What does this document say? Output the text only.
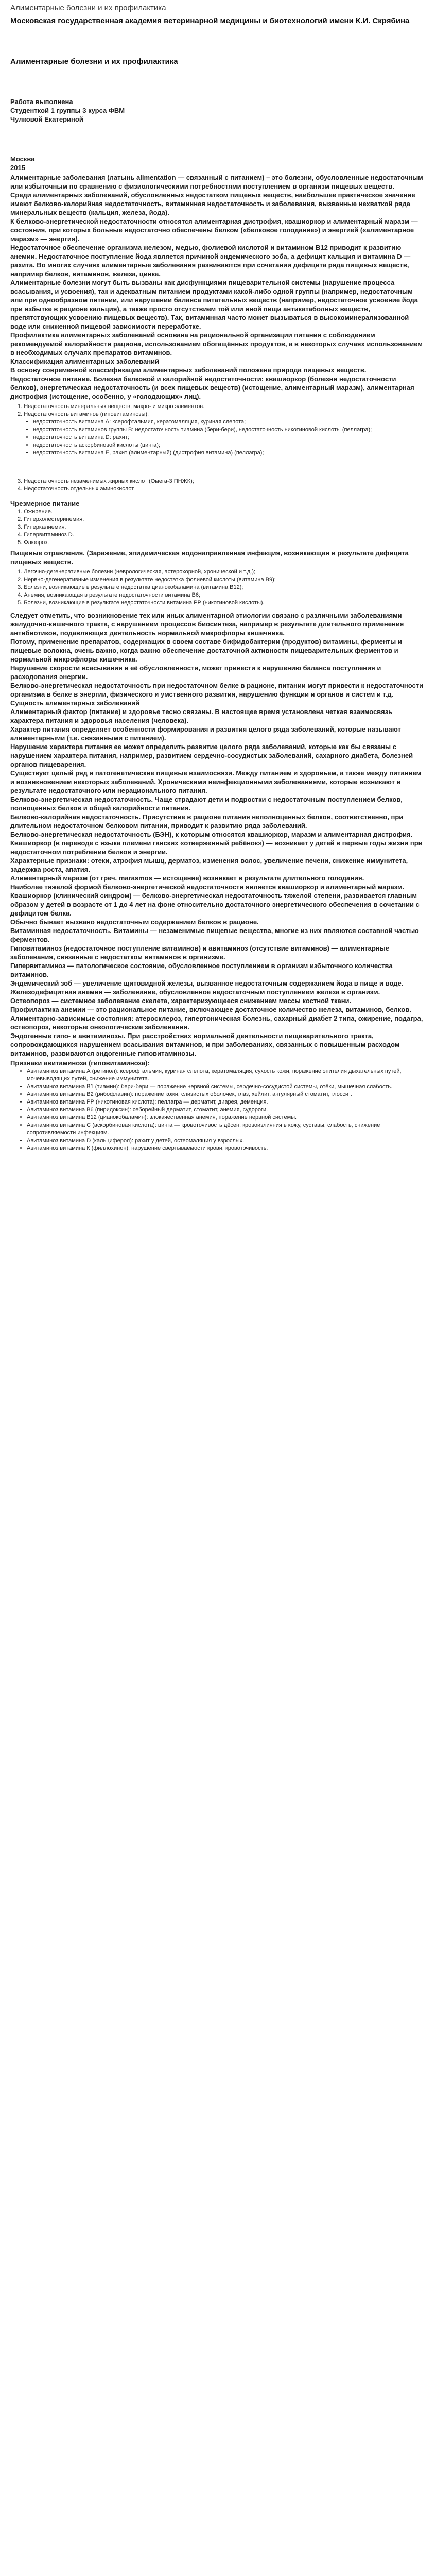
Алиментарные болезни и их профилактика

Московская государственная академия ветеринарной медицины и биотехнологий имени К.И. Скрябина

Алиментарные болезни и их профилактика

Работа выполнена

Студенткой 1 группы 3 курса ФВМ

Чулковой Екатериной

Москва

2015

Алиментарные заболевания (латынь alimentation — связанный с питанием) – это болезни, обусловленные недостаточным или избыточным по сравнению с физиологическими потребностями поступлением в организм пищевых веществ.

Среди алиментарных заболеваний, обусловленных недостатком пищевых веществ, наибольшее практическое значение имеют белково-калорийная недостаточность, витаминная недостаточность и заболевания, вызванные нехваткой ряда минеральных веществ (кальция, железа, йода).

К белково-энергетической недостаточности относятся алиментарная дистрофия, квашиоркор и алиментарный маразм — состояния, при которых больные недостаточно обеспечены белком («белковое голодание») и энергией («алиментарное маразм» — энергия).

Недостаточное обеспечение организма железом, медью, фолиевой кислотой и витамином B12 приводит к развитию анемии. Недостаточное поступление йода является причиной эндемического зоба, а дефицит кальция и витамина D — рахита. Во многих случаях алиментарные заболевания развиваются при сочетании дефицита ряда пищевых веществ, например белков, витаминов, железа, цинка.

Алиментарные болезни могут быть вызваны как дисфункциями пищеварительной системы (нарушение процесса всасывания, и усвоения), так и адекватным питанием продуктами какой-либо одной группы (например, недостаточным или при однообразном питании, или нарушении баланса питательных веществ (например, недостаточное усвоение йода при избытке в рационе кальция), а также просто отсутствием той или иной пищи антикатаболных веществ, препятствующих усвоению пищевых веществ). Так, витаминная часто может вызываться в высокоминерализованной воде или сниженной пищевой зависимости переработке.

Профилактика алиментарных заболеваний основана на рациональной организации питания с соблюдением рекомендуемой калорийности рациона, использованием обогащённых продуктов, а в некоторых случаях использованием в необходимых случаях препаратов витаминов.

Классификация алиментарных заболеваний

В основу современной классификации алиментарных заболеваний положена природа пищевых веществ.

Недостаточное питание. Болезни белковой и калорийной недостаточности: квашиоркор (болезни недостаточности белков), энергетическая недостаточность (и всех пищевых веществ) (истощение, алиментарный маразм), алиментарная дистрофия (истощение, особенно, у «голодающих» лиц).

1. Недостаточность минеральных веществ, макро- и микро элементов.

2. Недостаточность витаминов (гиповитаминозы):

• недостаточность витамина А: ксерофтальмия, кератомаляция, куриная слепота;
• недостаточность витаминов группы В: недостаточность тиамина (бери-бери), недостаточность никотиновой кислоты (пеллагра);
• недостаточность витамина D: рахит;
• недостаточность аскорбиновой кислоты (цинга);
• недостаточность витамина Е, рахит (алиментарный) (дистрофия витамина) (пеллагра);

3. Недостаточность незаменимых жирных кислот (Омега-3 ПНЖК);

4. Недостаточность отдельных аминокислот.

Чрезмерное питание

1. Ожирение.

2. Гиперхолестеринемия.

3. Гиперкалиемия.

4. Гипервитаминоз D.

5. Флюороз.

Пищевые отравления. (Заражение, эпидемическая водонаправленная инфекция, возникающая в результате дефицита пищевых веществ.

1. Легочно-дегенеративные болезни (неврологическая, астерохорной, хронической и т.д.);

2. Нервно-дегенеративные изменения в результате недостатка фолиевой кислоты (витамина В9);

3. Болезни, возникающие в результате недостатка цианокобаламина (витамина В12);

4. Анемия, возникающая в результате недостаточности витамина В6;

5. Болезни, возникающие в результате недостаточности витамина РР (никотиновой кислоты).

Следует отметить, что возникновение тех или иных алиментарной этиологии связано с различными заболеваниями желудочно-кишечного тракта, с нарушением процессов биосинтеза, например в результате длительного применения антибиотиков, подавляющих деятельность нормальной микрофлоры кишечника.

Потому, применение препаратов, содержащих в своем составе бифидобактерии (продуктов) витамины, ферменты и пищевые волокна, очень важно, когда важно обеспечение достаточной активности пищеварительных ферментов и нормальной микрофлоры кишечника.

Нарушение скорости всасывания и её обусловленности, может привести к нарушению баланса поступления и расходования энергии.

Белково-энергетическая недостаточность при недостаточном белке в рационе, питании могут привести к недостаточности организма в белке в энергии, физического и умственного развития, нарушению функции и органов и систем и т.д.

Сущность алиментарных заболеваний

Алиментарный фактор (питание) и здоровье тесно связаны. В настоящее время установлена четкая взаимосвязь характера питания и здоровья населения (человека).

Характер питания определяет особенности формирования и развития целого ряда заболеваний, которые называют алиментарными (т.е. связанными с питанием).

Нарушение характера питания ее может определить развитие целого ряда заболеваний, которые как бы связаны с нарушением характера питания, например, развитием сердечно-сосудистых заболеваний, сахарного диабета, болезней органов пищеварения.

Существует целый ряд и патогенетические пищевые взаимосвязи. Между питанием и здоровьем, а также между питанием и возникновением некоторых заболеваний. Хроническими неинфекционными заболеваниями, которые возникают в результате недостаточного или нерационального питания.

Белково-энергетическая недостаточность. Чаще страдают дети и подростки с недостаточным поступлением белков, полноценных белков и общей калорийности питания.

Белково-калорийная недостаточность. Присутствие в рационе питания неполноценных белков, соответственно, при длительном недостаточном белковом питании, приводит к развитию ряда заболеваний.

Белково-энергетическая недостаточность (БЭН), к которым относятся квашиоркор, маразм и алиментарная дистрофия.

Квашиоркор (в переводе с языка племени ганских «отверженный ребёнок») — возникает у детей в первые годы жизни при недостаточном потреблении белков и энергии.

Характерные признаки: отеки, атрофия мышц, дерматоз, изменения волос, увеличение печени, снижение иммунитета, задержка роста, апатия.

Алиментарный маразм (от греч. marasmos — истощение) возникает в результате длительного голодания.

Наиболее тяжелой формой белково-энергетической недостаточности является квашиоркор и алиментарный маразм.

Квашиоркор (клинический синдром) — белково-энергетическая недостаточность тяжелой степени, развивается главным образом у детей в возрасте от 1 до 4 лет на фоне относительно достаточного энергетического обеспечения в сочетании с дефицитом белка.

Обычно бывает вызвано недостаточным содержанием белков в рационе.

Витаминная недостаточность. Витамины — незаменимые пищевые вещества, многие из них являются составной частью ферментов.

Гиповитаминоз (недостаточное поступление витаминов) и авитаминоз (отсутствие витаминов) — алиментарные заболевания, связанные с недостатком витаминов в организме.

Гипервитаминоз — патологическое состояние, обусловленное поступлением в организм избыточного количества витаминов.

Эндемический зоб — увеличение щитовидной железы, вызванное недостаточным содержанием йода в пище и воде.

Железодефицитная анемия — заболевание, обусловленное недостаточным поступлением железа в организм.

Остеопороз — системное заболевание скелета, характеризующееся снижением массы костной ткани.

Профилактика анемии — это рациональное питание, включающее достаточное количество железа, витаминов, белков.

Алиментарно-зависимые состояния: атеросклероз, гипертоническая болезнь, сахарный диабет 2 типа, ожирение, подагра, остеопороз, некоторые онкологические заболевания.

Эндогенные гипо- и авитаминозы. При расстройствах нормальной деятельности пищеварительного тракта, сопровождающихся нарушением всасывания витаминов, и при заболеваниях, связанных с повышенным расходом витаминов, развиваются эндогенные гиповитаминозы.

Признаки авитаминоза (гиповитаминоза):

• Авитаминоз витамина А (ретинол): ксерофтальмия, куриная слепота, кератомаляция, сухость кожи, поражение эпителия дыхательных путей, мочевыводящих путей, снижение иммунитета.
• Авитаминоз витамина В1 (тиамин): бери-бери — поражение нервной системы, сердечно-сосудистой системы, отёки, мышечная слабость.
• Авитаминоз витамина В2 (рибофлавин): поражение кожи, слизистых оболочек, глаз, хейлит, ангулярный стоматит, глоссит.
• Авитаминоз витамина РР (никотиновая кислота): пеллагра — дерматит, диарея, деменция.
• Авитаминоз витамина В6 (пиридоксин): себорейный дерматит, стоматит, анемия, судороги.
• Авитаминоз витамина В12 (цианокобаламин): злокачественная анемия, поражение нервной системы.
• Авитаминоз витамина С (аскорбиновая кислота): цинга — кровоточивость дёсен, кровоизлияния в кожу, суставы, слабость, снижение сопротивляемости инфекциям.
• Авитаминоз витамина D (кальциферол): рахит у детей, остеомаляция у взрослых.
• Авитаминоз витамина К (филлохинон): нарушение свёртываемости крови, кровоточивость.
